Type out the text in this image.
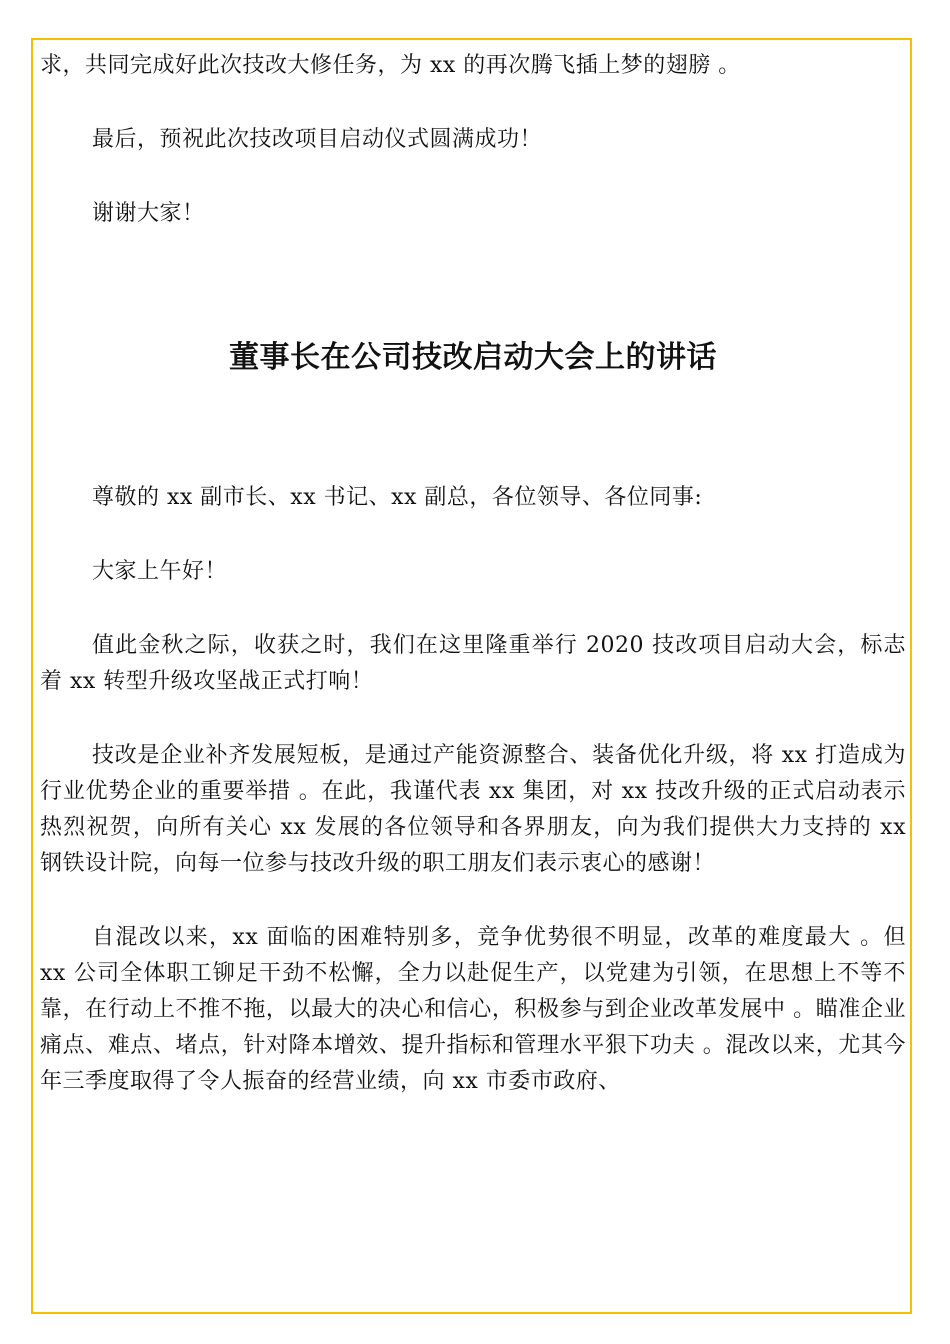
求，共同完成好此次技改大修任务，为 xx 的再次腾飞插上梦的翅膀 。

最后，预祝此次技改项目启动仪式圆满成功！

谢谢大家！

董事长在公司技改启动大会上的讲话

尊敬的 xx 副市长、xx 书记、xx 副总，各位领导、各位同事:

大家上午好！

值此金秋之际，收获之时，我们在这里隆重举行 2020 技改项目启动大会，标志着 xx 转型升级攻坚战正式打响！

技改是企业补齐发展短板，是通过产能资源整合、装备优化升级，将 xx 打造成为行业优势企业的重要举措 。在此，我谨代表 xx 集团，对 xx 技改升级的正式启动表示热烈祝贺，向所有关心 xx 发展的各位领导和各界朋友，向为我们提供大力支持的 xx 钢铁设计院，向每一位参与技改升级的职工朋友们表示衷心的感谢！

自混改以来，xx 面临的困难特别多，竞争优势很不明显，改革的难度最大 。但 xx 公司全体职工铆足干劲不松懈，全力以赴促生产，以党建为引领，在思想上不等不靠，在行动上不推不拖，以最大的决心和信心，积极参与到企业改革发展中 。瞄准企业痛点、难点、堵点，针对降本增效、提升指标和管理水平狠下功夫 。混改以来，尤其今年三季度取得了令人振奋的经营业绩，向 xx 市委市政府、
